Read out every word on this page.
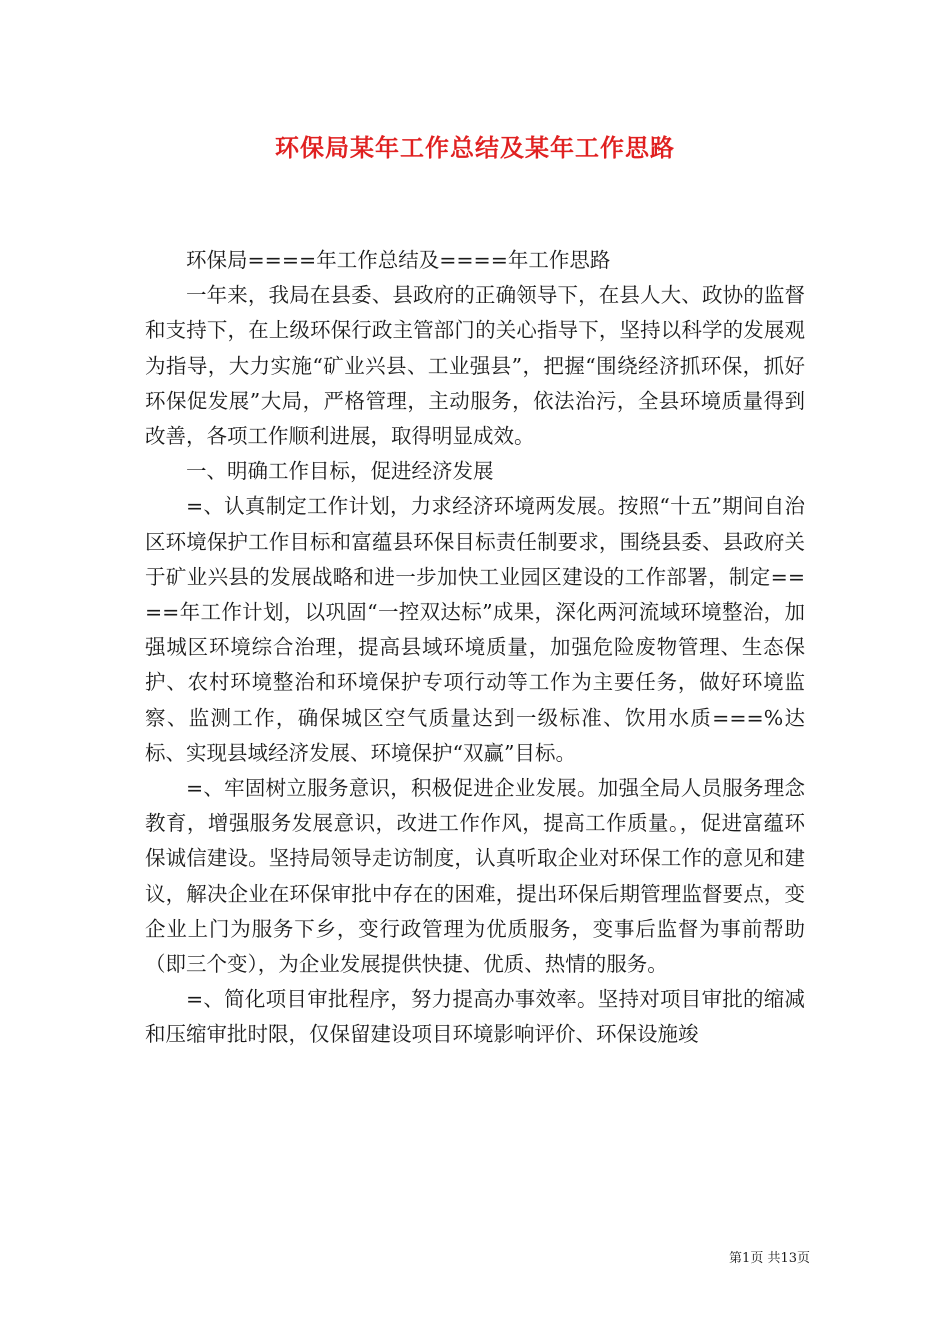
环保局某年工作总结及某年工作思路

环保局====年工作总结及====年工作思路

一年来，我局在县委、县政府的正确领导下，在县人大、政协的监督和支持下，在上级环保行政主管部门的关心指导下，坚持以科学的发展观为指导，大力实施“矿业兴县、工业强县”，把握“围绕经济抓环保，抓好环保促发展”大局，严格管理，主动服务，依法治污，全县环境质量得到改善，各项工作顺利进展，取得明显成效。

一、明确工作目标，促进经济发展

=、认真制定工作计划，力求经济环境两发展。按照“十五”期间自治区环境保护工作目标和富蕴县环保目标责任制要求，围绕县委、县政府关于矿业兴县的发展战略和进一步加快工业园区建设的工作部署，制定====年工作计划，以巩固“一控双达标”成果，深化两河流域环境整治，加强城区环境综合治理，提高县域环境质量，加强危险废物管理、生态保护、农村环境整治和环境保护专项行动等工作为主要任务，做好环境监察、监测工作，确保城区空气质量达到一级标准、饮用水质===%达标、实现县域经济发展、环境保护“双赢”目标。

=、牢固树立服务意识，积极促进企业发展。加强全局人员服务理念教育，增强服务发展意识，改进工作作风，提高工作质量。，促进富蕴环保诚信建设。坚持局领导走访制度，认真听取企业对环保工作的意见和建议，解决企业在环保审批中存在的困难，提出环保后期管理监督要点，变企业上门为服务下乡，变行政管理为优质服务，变事后监督为事前帮助（即三个变），为企业发展提供快捷、优质、热情的服务。

=、简化项目审批程序，努力提高办事效率。坚持对项目审批的缩减和压缩审批时限，仅保留建设项目环境影响评价、环保设施竣

第1页 共13页
